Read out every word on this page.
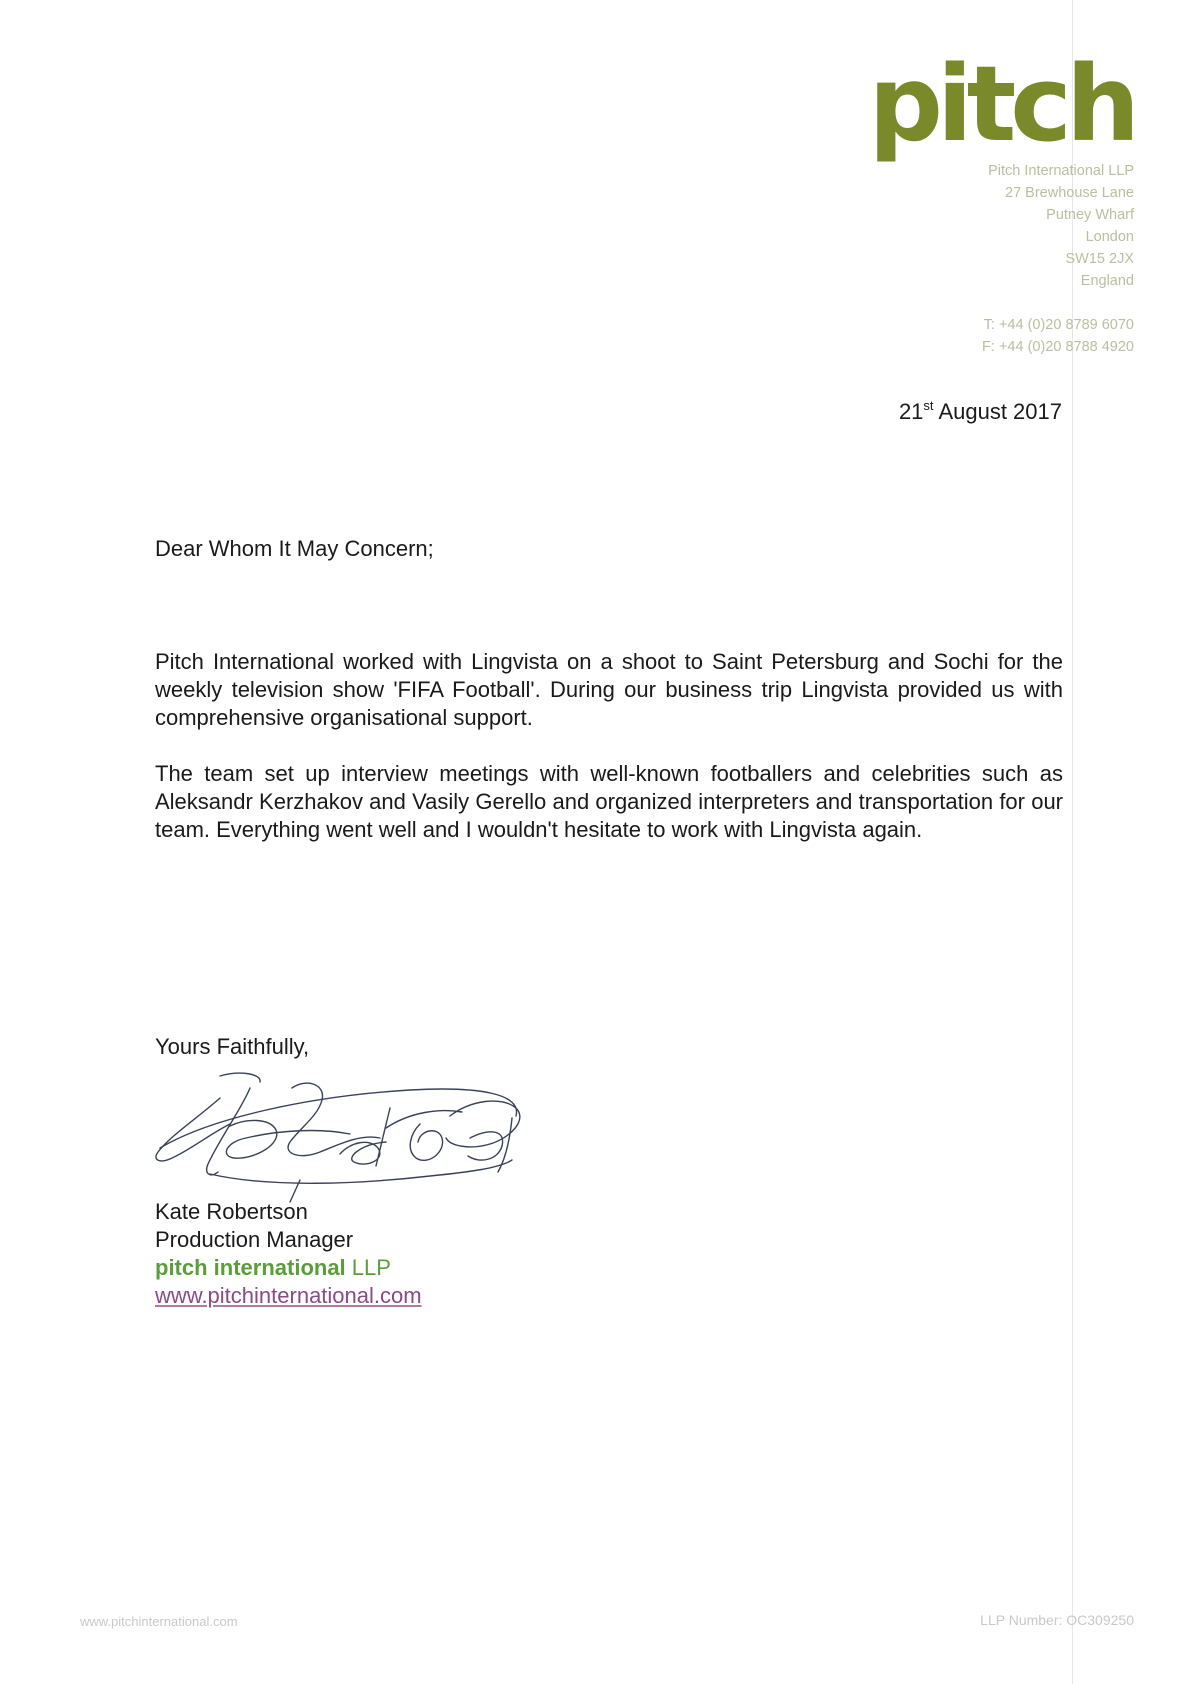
pitch
Pitch International LLP
27 Brewhouse Lane
Putney Wharf
London
SW15 2JX
England
T: +44 (0)20 8789 6070
F: +44 (0)20 8788 4920
21st August 2017
Dear Whom It May Concern;
Pitch International worked with Lingvista on a shoot to Saint Petersburg and Sochi for the weekly television show 'FIFA Football'. During our business trip Lingvista provided us with comprehensive organisational support.
The team set up interview meetings with well-known footballers and celebrities such as Aleksandr Kerzhakov and Vasily Gerello and organized interpreters and transportation for our team. Everything went well and I wouldn't hesitate to work with Lingvista again.
Yours Faithfully,
Kate Robertson
Production Manager
pitch international LLP
www.pitchinternational.com
www.pitchinternational.com	LLP Number: OC309250
